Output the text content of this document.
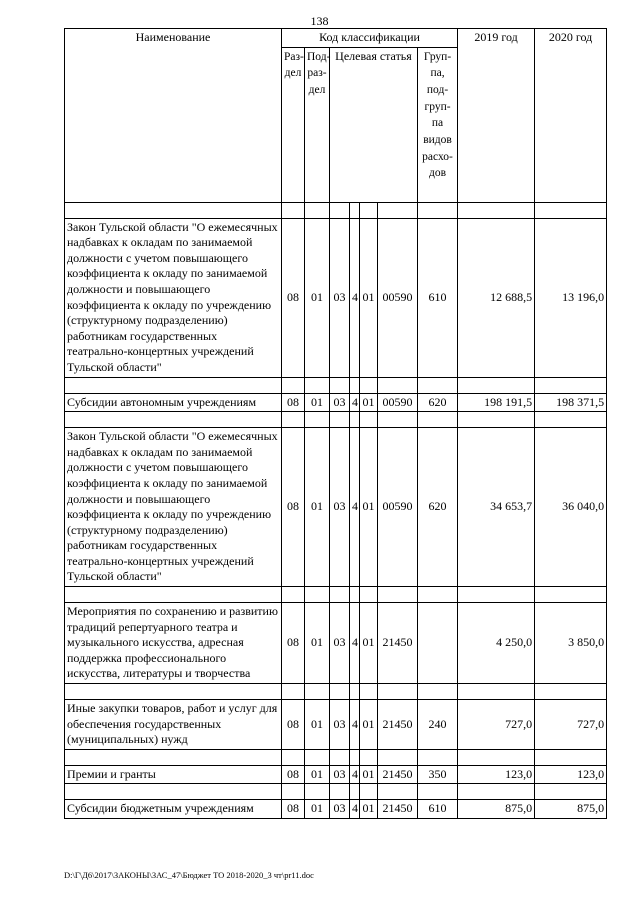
138
Наименование	Код классификации							2019 год	2020 год
	Раз-дел	Под-раз-дел	Целевая статья				Груп-па, под-груп-па видов расхо-дов		

Закон Тульской области "О ежемесячных надбавках к окладам по занимаемой должности с учетом повышающего коэффициента к окладу по занимаемой должности и повышающего коэффициента к окладу по учреждению (структурному подразделению) работникам государственных театрально-концертных учреждений Тульской области"	08	01	03	4	01	00590	610	12 688,5	13 196,0

Субсидии автономным учреждениям	08	01	03	4	01	00590	620	198 191,5	198 371,5

Закон Тульской области "О ежемесячных надбавках к окладам по занимаемой должности с учетом повышающего коэффициента к окладу по занимаемой должности и повышающего коэффициента к окладу по учреждению (структурному подразделению) работникам государственных театрально-концертных учреждений Тульской области"	08	01	03	4	01	00590	620	34 653,7	36 040,0

Мероприятия по сохранению и развитию традиций репертуарного театра и музыкального искусства, адресная поддержка профессионального искусства, литературы и творчества	08	01	03	4	01	21450		4 250,0	3 850,0

Иные закупки товаров, работ и услуг для обеспечения государственных (муниципальных) нужд	08	01	03	4	01	21450	240	727,0	727,0

Премии и гранты	08	01	03	4	01	21450	350	123,0	123,0

Субсидии бюджетным учреждениям	08	01	03	4	01	21450	610	875,0	875,0
D:\Г\Д6\2017\ЗАКОНЫ\ЗАС_47\Бюджет ТО 2018-2020_3 чт\pr11.doc
